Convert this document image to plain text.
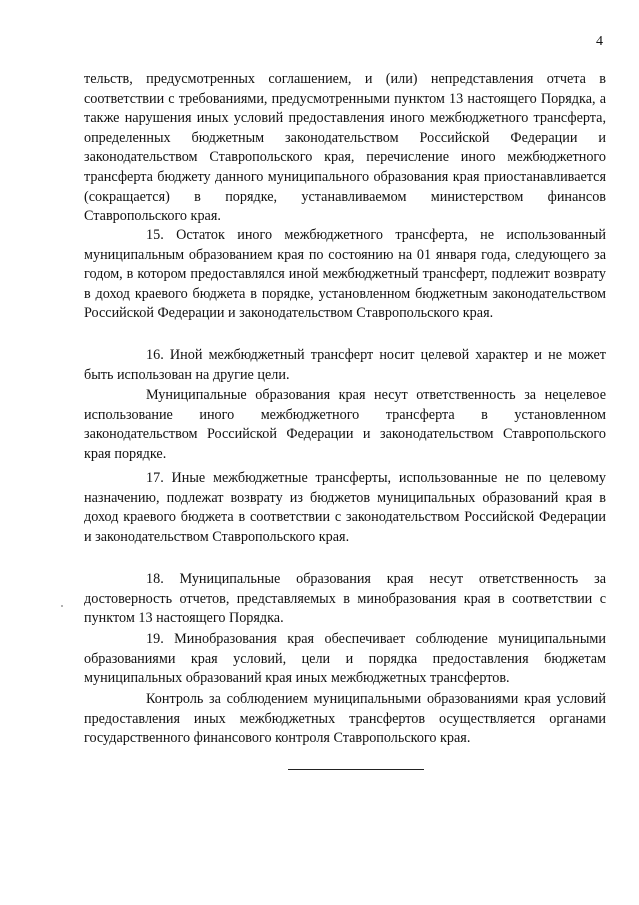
4

тельств, предусмотренных соглашением, и (или) непредставления отчета в соответствии с требованиями, предусмотренными пунктом 13 настоящего Порядка, а также нарушения иных условий предоставления иного межбюджетного трансферта, определенных бюджетным законодательством Российской Федерации и законодательством Ставропольского края, перечисление иного межбюджетного трансферта бюджету данного муниципального образования края приостанавливается (сокращается) в порядке, устанавливаемом министерством финансов Ставропольского края.

15. Остаток иного межбюджетного трансферта, не использованный муниципальным образованием края по состоянию на 01 января года, следующего за годом, в котором предоставлялся иной межбюджетный трансферт, подлежит возврату в доход краевого бюджета в порядке, установленном бюджетным законодательством Российской Федерации и законодательством Ставропольского края.

16. Иной межбюджетный трансферт носит целевой характер и не может быть использован на другие цели.

Муниципальные образования края несут ответственность за нецелевое использование иного межбюджетного трансферта в установленном законодательством Российской Федерации и законодательством Ставропольского края порядке.

17. Иные межбюджетные трансферты, использованные не по целевому назначению, подлежат возврату из бюджетов муниципальных образований края в доход краевого бюджета в соответствии с законодательством Российской Федерации и законодательством Ставропольского края.

18. Муниципальные образования края несут ответственность за достоверность отчетов, представляемых в минобразования края в соответствии с пунктом 13 настоящего Порядка.

19. Минобразования края обеспечивает соблюдение муниципальными образованиями края условий, цели и порядка предоставления бюджетам муниципальных образований края иных межбюджетных трансфертов.

Контроль за соблюдением муниципальными образованиями края условий предоставления иных межбюджетных трансфертов осуществляется органами государственного финансового контроля Ставропольского края.
